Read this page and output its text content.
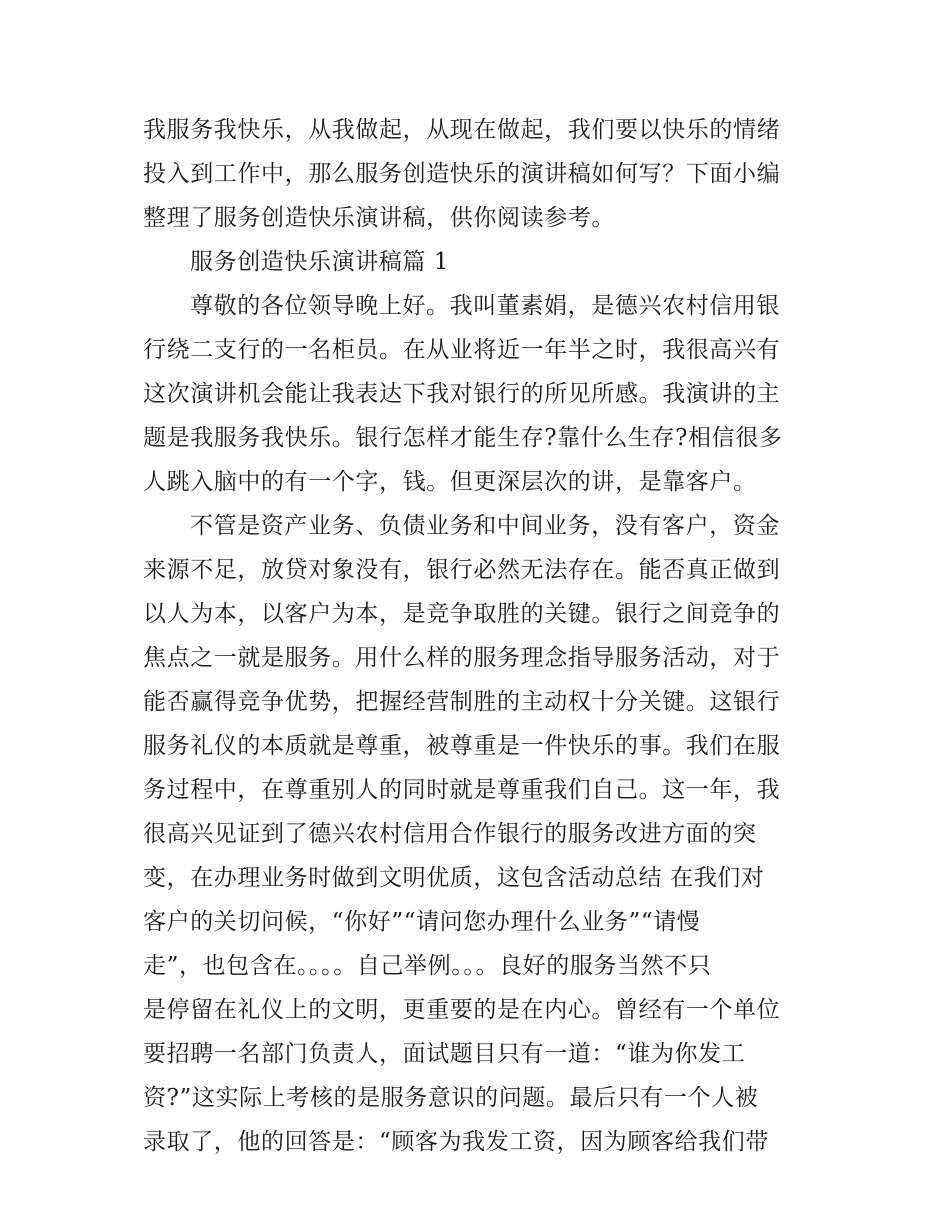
我服务我快乐，从我做起，从现在做起，我们要以快乐的情绪
投入到工作中，那么服务创造快乐的演讲稿如何写？下面小编
整理了服务创造快乐演讲稿，供你阅读参考。
服务创造快乐演讲稿篇 1
尊敬的各位领导晚上好。我叫董素娟，是德兴农村信用银
行绕二支行的一名柜员。在从业将近一年半之时，我很高兴有
这次演讲机会能让我表达下我对银行的所见所感。我演讲的主
题是我服务我快乐。银行怎样才能生存?靠什么生存?相信很多
人跳入脑中的有一个字，钱。但更深层次的讲，是靠客户。
不管是资产业务、负债业务和中间业务，没有客户，资金
来源不足，放贷对象没有，银行必然无法存在。能否真正做到
以人为本，以客户为本，是竞争取胜的关键。银行之间竞争的
焦点之一就是服务。用什么样的服务理念指导服务活动，对于
能否赢得竞争优势，把握经营制胜的主动权十分关键。这银行
服务礼仪的本质就是尊重，被尊重是一件快乐的事。我们在服
务过程中，在尊重别人的同时就是尊重我们自己。这一年，我
很高兴见证到了德兴农村信用合作银行的服务改进方面的突
变，在办理业务时做到文明优质，这包含活动总结 在我们对
客户的关切问候，“你好”“请问您办理什么业务”“请慢
走”，也包含在。。。。自己举例。。。良好的服务当然不只
是停留在礼仪上的文明，更重要的是在内心。曾经有一个单位
要招聘一名部门负责人，面试题目只有一道：“谁为你发工
资?”这实际上考核的是服务意识的问题。最后只有一个人被
录取了，他的回答是：“顾客为我发工资，因为顾客给我们带
